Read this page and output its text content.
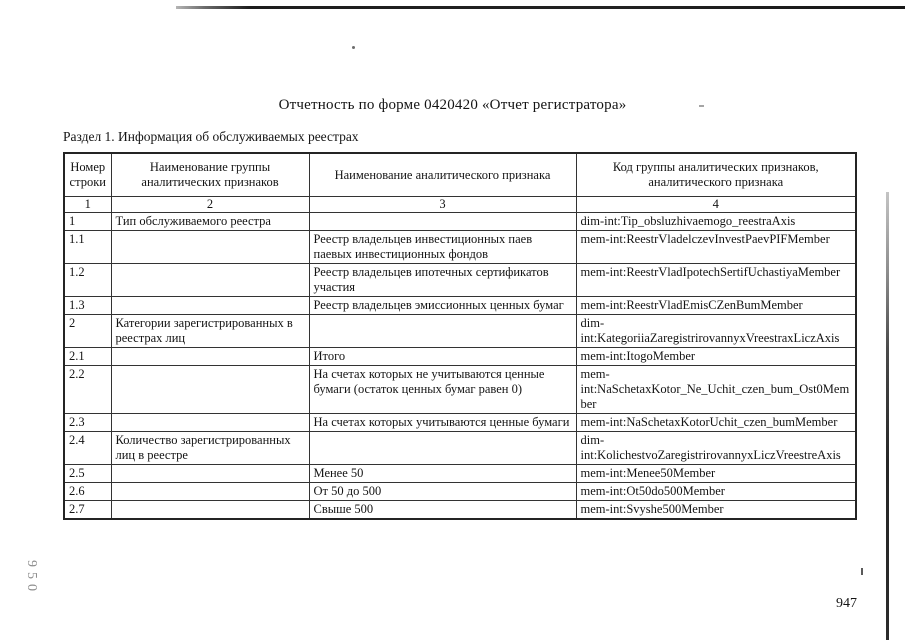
950
Отчетность по форме 0420420 «Отчет регистратора»
Раздел 1. Информация об обслуживаемых реестрах
Номер строки	Наименование группы аналитических признаков	Наименование аналитического признака	Код группы аналитических признаков, аналитического признака
1	2	3	4
1	Тип обслуживаемого реестра		dim-int:Tip_obsluzhivaemogo_reestraAxis
1.1		Реестр владельцев инвестиционных паев паевых инвестиционных фондов	mem-int:ReestrVladelczevInvestPaevPIFMember
1.2		Реестр владельцев ипотечных сертификатов участия	mem-int:ReestrVladIpotechSertifUchastiyaMember
1.3		Реестр владельцев эмиссионных ценных бумаг	mem-int:ReestrVladEmisCZenBumMember
2	Категории зарегистрированных в реестрах лиц		dim-int:KategoriiaZaregistrirovannyxVreestraxLiczAxis
2.1		Итого	mem-int:ItogoMember
2.2		На счетах которых не учитываются ценные бумаги (остаток ценных бумаг равен 0)	mem-int:NaSchetaxKotor_Ne_Uchit_czen_bum_Ost0Member
2.3		На счетах которых учитываются ценные бумаги	mem-int:NaSchetaxKotorUchit_czen_bumMember
2.4	Количество зарегистрированных лиц в реестре		dim-int:KolichestvoZaregistrirovannyxLiczVreestreAxis
2.5		Менее 50	mem-int:Menee50Member
2.6		От 50 до 500	mem-int:Ot50do500Member
2.7		Свыше 500	mem-int:Svyshe500Member
947
